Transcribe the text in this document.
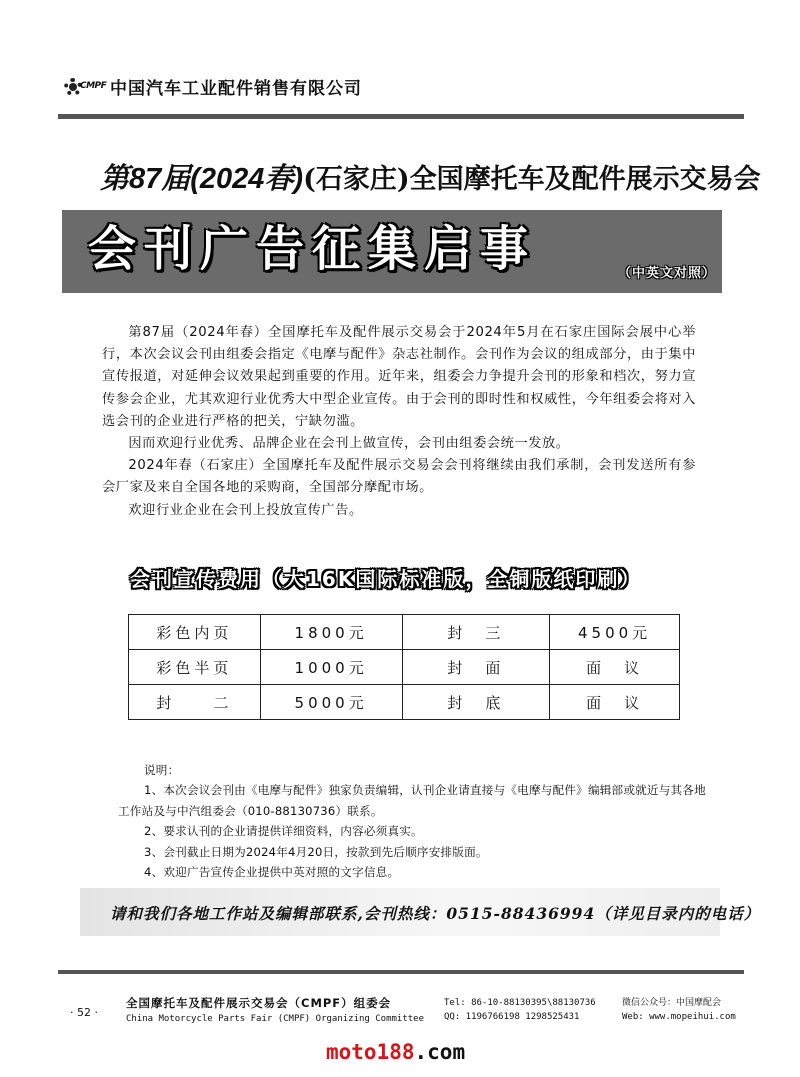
CMPF 中国汽车工业配件销售有限公司
第87届(2024春)(石家庄)全国摩托车及配件展示交易会
会刊广告征集启事	（中英文对照）

第87届（2024年春）全国摩托车及配件展示交易会于2024年5月在石家庄国际会展中心举行，本次会议会刊由组委会指定《电摩与配件》杂志社制作。会刊作为会议的组成部分，由于集中宣传报道，对延伸会议效果起到重要的作用。近年来，组委会力争提升会刊的形象和档次，努力宣传参会企业，尤其欢迎行业优秀大中型企业宣传。由于会刊的即时性和权威性，今年组委会将对入选会刊的企业进行严格的把关，宁缺勿滥。

因而欢迎行业优秀、品牌企业在会刊上做宣传，会刊由组委会统一发放。

2024年春（石家庄）全国摩托车及配件展示交易会会刊将继续由我们承制，会刊发送所有参会厂家及来自全国各地的采购商，全国部分摩配市场。

欢迎行业企业在会刊上投放宣传广告。

会刊宣传费用（大16K国际标准版，全铜版纸印刷）
彩色内页	1800元	封　三	4500元
彩色半页	1000元	封　面	面　议
封　　二	5000元	封　底	面　议
说明：
1、本次会议会刊由《电摩与配件》独家负责编辑，认刊企业请直接与《电摩与配件》编辑部或就近与其各地工作站及与中汽组委会（010-88130736）联系。
2、要求认刊的企业请提供详细资料，内容必须真实。
3、会刊截止日期为2024年4月20日，按款到先后顺序安排版面。
4、欢迎广告宣传企业提供中英对照的文字信息。
请和我们各地工作站及编辑部联系,会刊热线：0515-88436994（详见目录内的电话）
· 52 ·
全国摩托车及配件展示交易会（CMPF）组委会
China Motorcycle Parts Fair (CMPF) Organizing Committee
Tel: 86-10-88130395\88130736
QQ: 1196766198 1298525431
微信公众号：中国摩配会
Web: www.mopeihui.com
moto188.com
